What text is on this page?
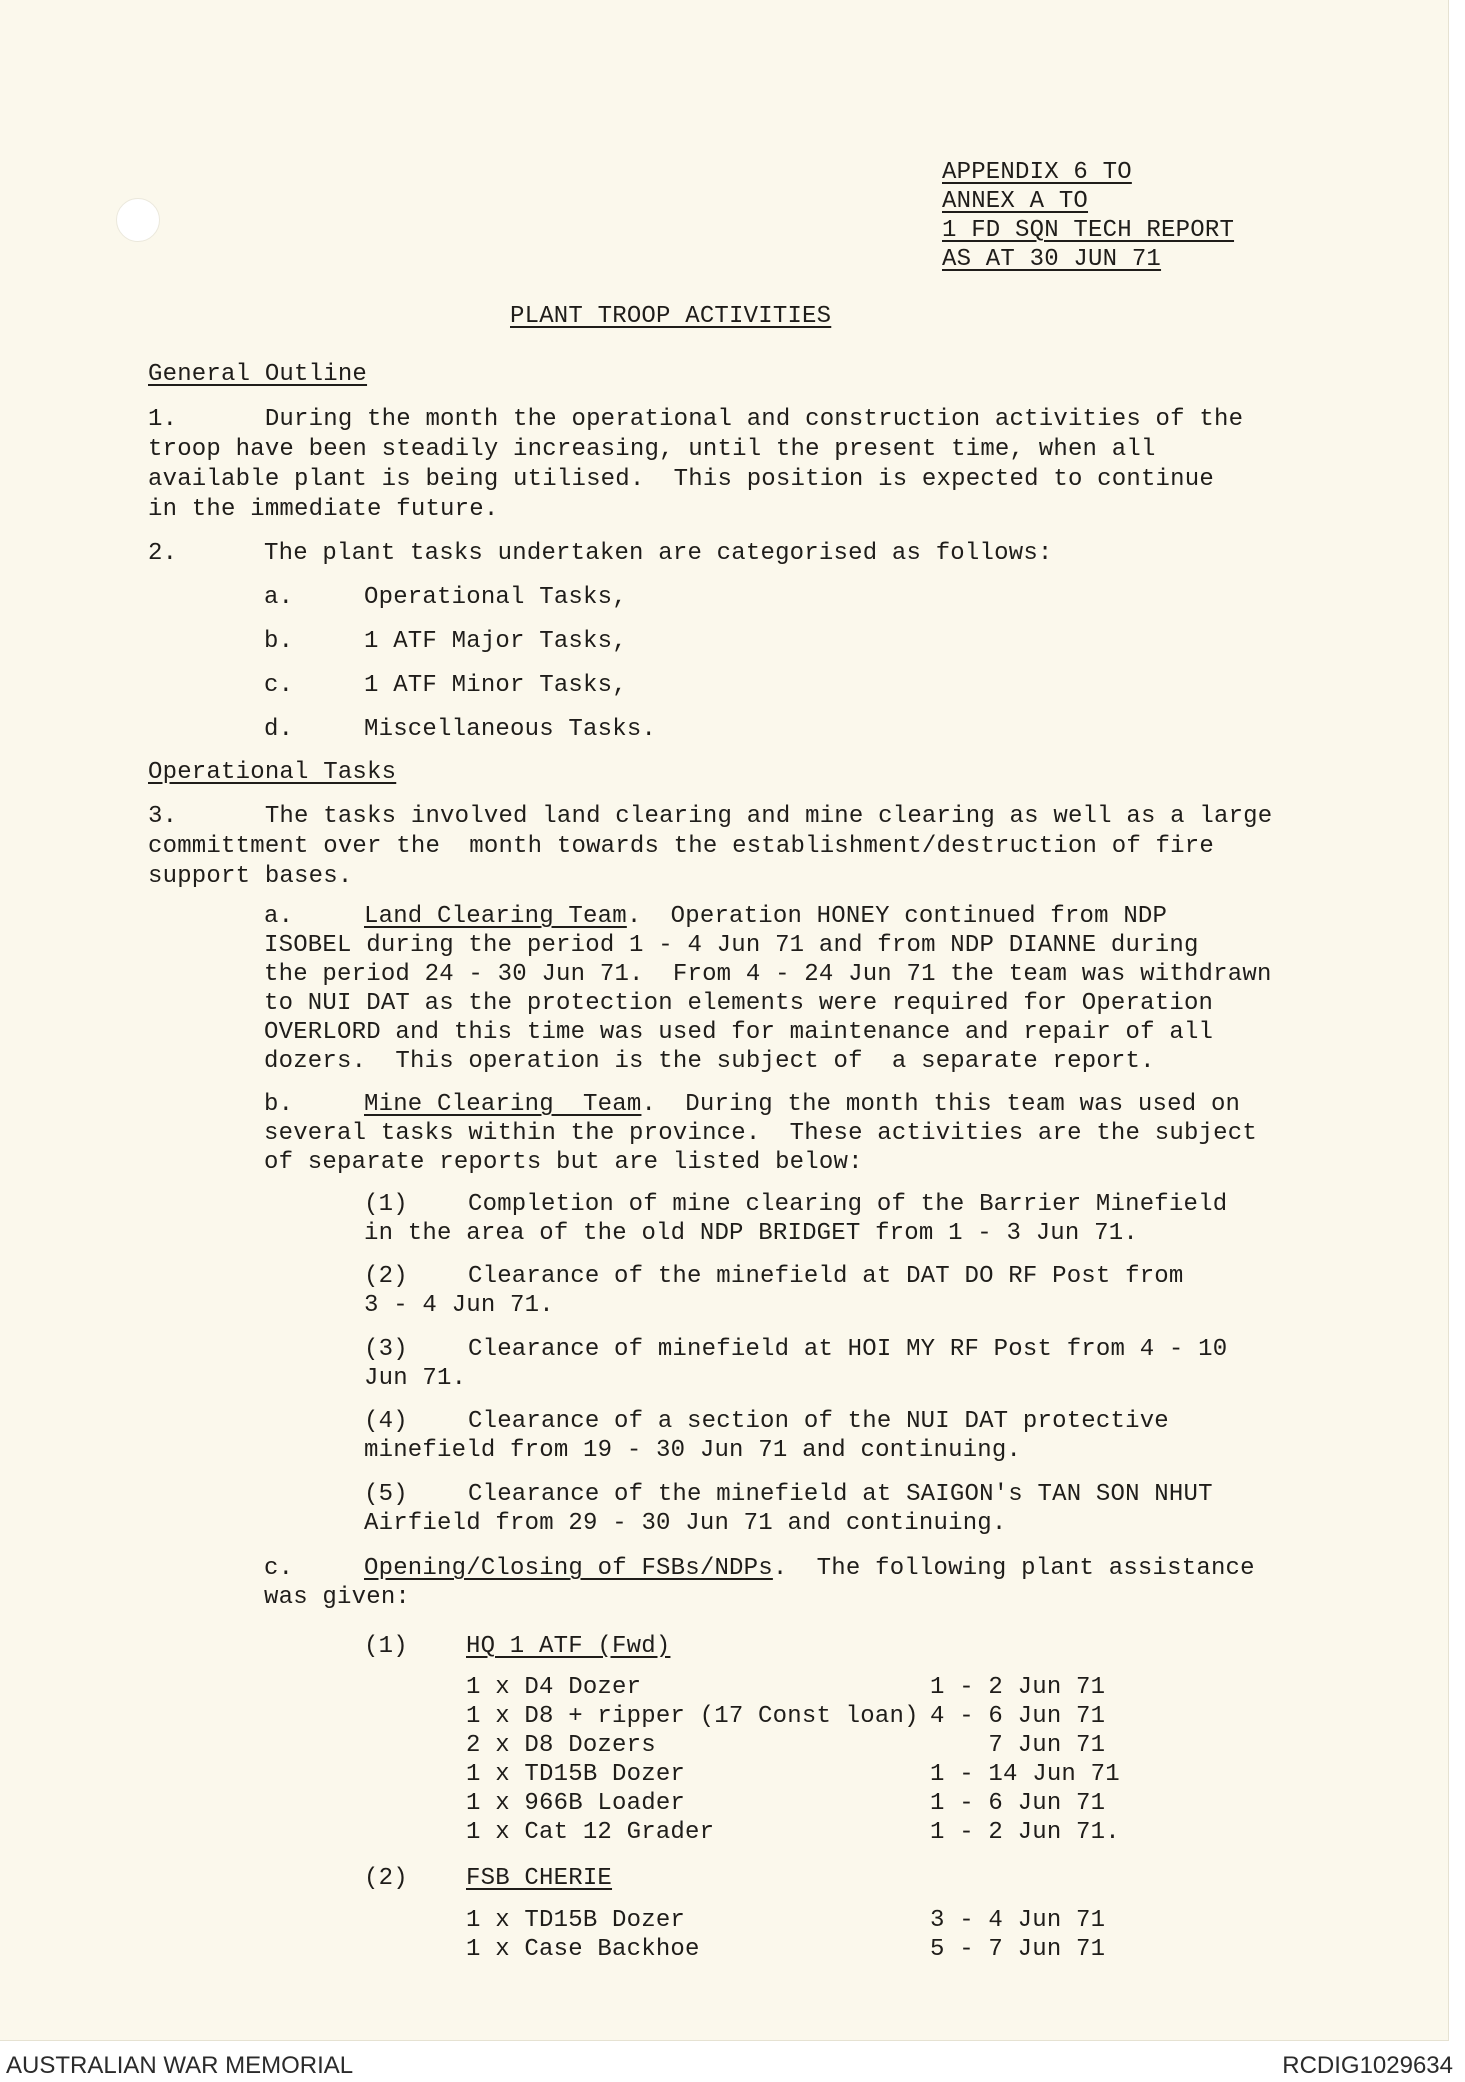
APPENDIX 6 TO
ANNEX A TO
1 FD SQN TECH REPORT
AS AT 30 JUN 71
PLANT TROOP ACTIVITIES
General Outline
1.      During the month the operational and construction activities of the
troop have been steadily increasing, until the present time, when all
available plant is being utilised.  This position is expected to continue
in the immediate future.
2.	The plant tasks undertaken are categorised as follows:
a.	Operational Tasks,
b.	1 ATF Major Tasks,
c.	1 ATF Minor Tasks,
d.	Miscellaneous Tasks.
Operational Tasks
3.      The tasks involved land clearing and mine clearing as well as a large
committment over the  month towards the establishment/destruction of fire
support bases.
a.	Land Clearing Team.  Operation HONEY continued from NDP
ISOBEL during the period 1 - 4 Jun 71 and from NDP DIANNE during
the period 24 - 30 Jun 71.  From 4 - 24 Jun 71 the team was withdrawn
to NUI DAT as the protection elements were required for Operation
OVERLORD and this time was used for maintenance and repair of all
dozers.  This operation is the subject of  a separate report.
b.	Mine Clearing  Team.  During the month this team was used on
several tasks within the province.  These activities are the subject
of separate reports but are listed below:
(1)	Completion of mine clearing of the Barrier Minefield
in the area of the old NDP BRIDGET from 1 - 3 Jun 71.
(2)	Clearance of the minefield at DAT DO RF Post from
3 - 4 Jun 71.
(3)	Clearance of minefield at HOI MY RF Post from 4 - 10
Jun 71.
(4)	Clearance of a section of the NUI DAT protective
minefield from 19 - 30 Jun 71 and continuing.
(5)	Clearance of the minefield at SAIGON's TAN SON NHUT
Airfield from 29 - 30 Jun 71 and continuing.
c.	Opening/Closing of FSBs/NDPs.  The following plant assistance
was given:
(1) HQ 1 ATF (Fwd)
1 x D4 Dozer	1 - 2 Jun 71
1 x D8 + ripper (17 Const loan) 4 - 6 Jun 71
2 x D8 Dozers	7 Jun 71
1 x TD15B Dozer	1 - 14 Jun 71
1 x 966B Loader	1 - 6 Jun 71
1 x Cat 12 Grader	1 - 2 Jun 71.
(2) FSB CHERIE
1 x TD15B Dozer	3 - 4 Jun 71
1 x Case Backhoe	5 - 7 Jun 71
AUSTRALIAN WAR MEMORIAL	RCDIG1029634
